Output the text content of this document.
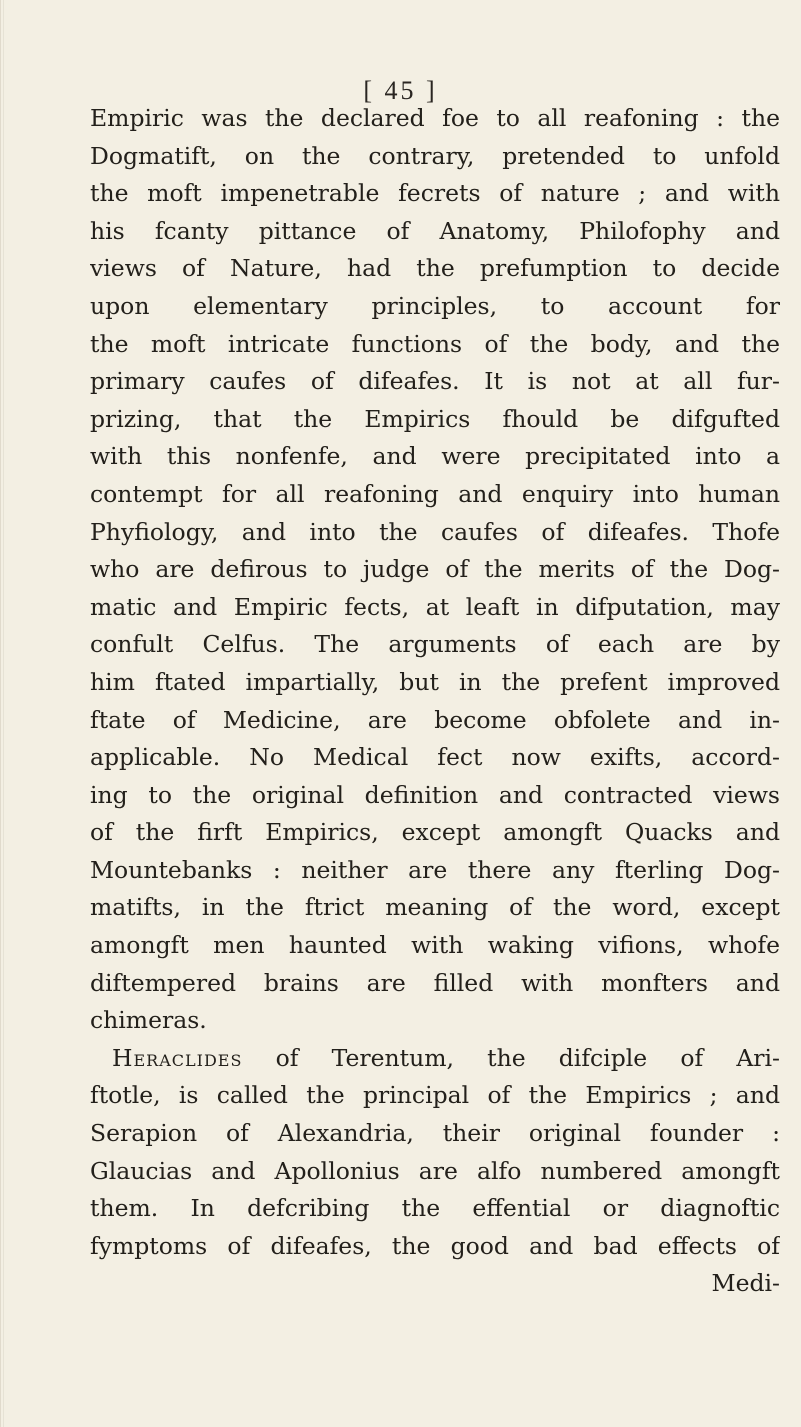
[ 45 ]
Empiric was the declared foe to all reafoning : the
Dogmatift, on the contrary, pretended to unfold
the moft impenetrable fecrets of nature ; and with
his fcanty pittance of Anatomy, Philofophy and
views of Nature, had the prefumption to decide
upon elementary principles, to account for
the moft intricate functions of the body, and the
primary caufes of difeafes. It is not at all fur-
prizing, that the Empirics fhould be difgufted
with this nonfenfe, and were precipitated into a
contempt for all reafoning and enquiry into human
Phyfiology, and into the caufes of difeafes. Thofe
who are defirous to judge of the merits of the Dog-
matic and Empiric fects, at leaft in difputation, may
confult Celfus. The arguments of each are by
him ftated impartially, but in the prefent improved
ftate of Medicine, are become obfolete and in-
applicable. No Medical fect now exifts, accord-
ing to the original definition and contracted views
of the firft Empirics, except amongft Quacks and
Mountebanks : neither are there any fterling Dog-
matifts, in the ftrict meaning of the word, except
amongft men haunted with waking vifions, whofe
diftempered brains are filled with monfters and
chimeras.
Heraclides of Terentum, the difciple of Ari-
ftotle, is called the principal of the Empirics ; and
Serapion of Alexandria, their original founder :
Glaucias and Apollonius are alfo numbered amongft
them. In defcribing the effential or diagnoftic
fymptoms of difeafes, the good and bad effects of
Medi-
